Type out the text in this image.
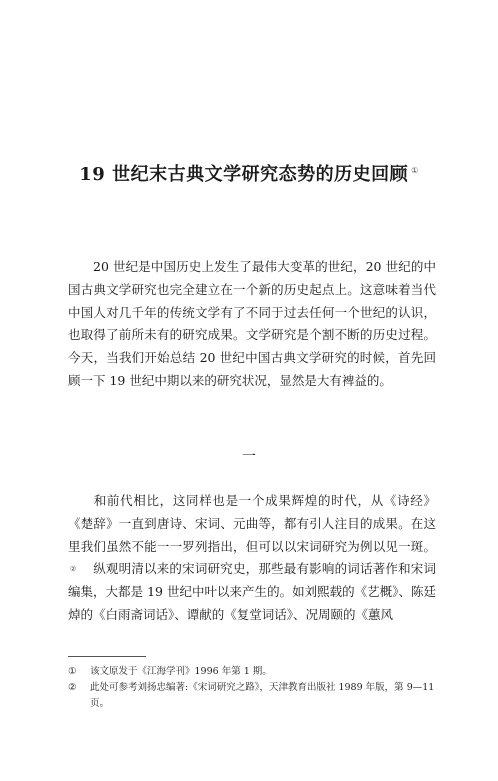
19 世纪末古典文学研究态势的历史回顾 ①

20 世纪是中国历史上发生了最伟大变革的世纪，20 世纪的中国古典文学研究也完全建立在一个新的历史起点上。这意味着当代中国人对几千年的传统文学有了不同于过去任何一个世纪的认识，也取得了前所未有的研究成果。文学研究是个割不断的历史过程。今天，当我们开始总结 20 世纪中国古典文学研究的时候，首先回顾一下 19 世纪中期以来的研究状况，显然是大有裨益的。

一

和前代相比，这同样也是一个成果辉煌的时代，从《诗经》《楚辞》一直到唐诗、宋词、元曲等，都有引人注目的成果。在这里我们虽然不能一一罗列指出，但可以以宋词研究为例以见一斑。②	纵观明清以来的宋词研究史，那些最有影响的词话著作和宋词编集，大都是 19 世纪中叶以来产生的。如刘熙载的《艺概》、陈廷焯的《白雨斋词话》、谭献的《复堂词话》、况周颐的《蕙风

① 该文原发于《江海学刊》1996 年第 1 期。
② 此处可参考刘扬忠编著:《宋词研究之路》，天津教育出版社 1989 年版，第 9—11 页。
